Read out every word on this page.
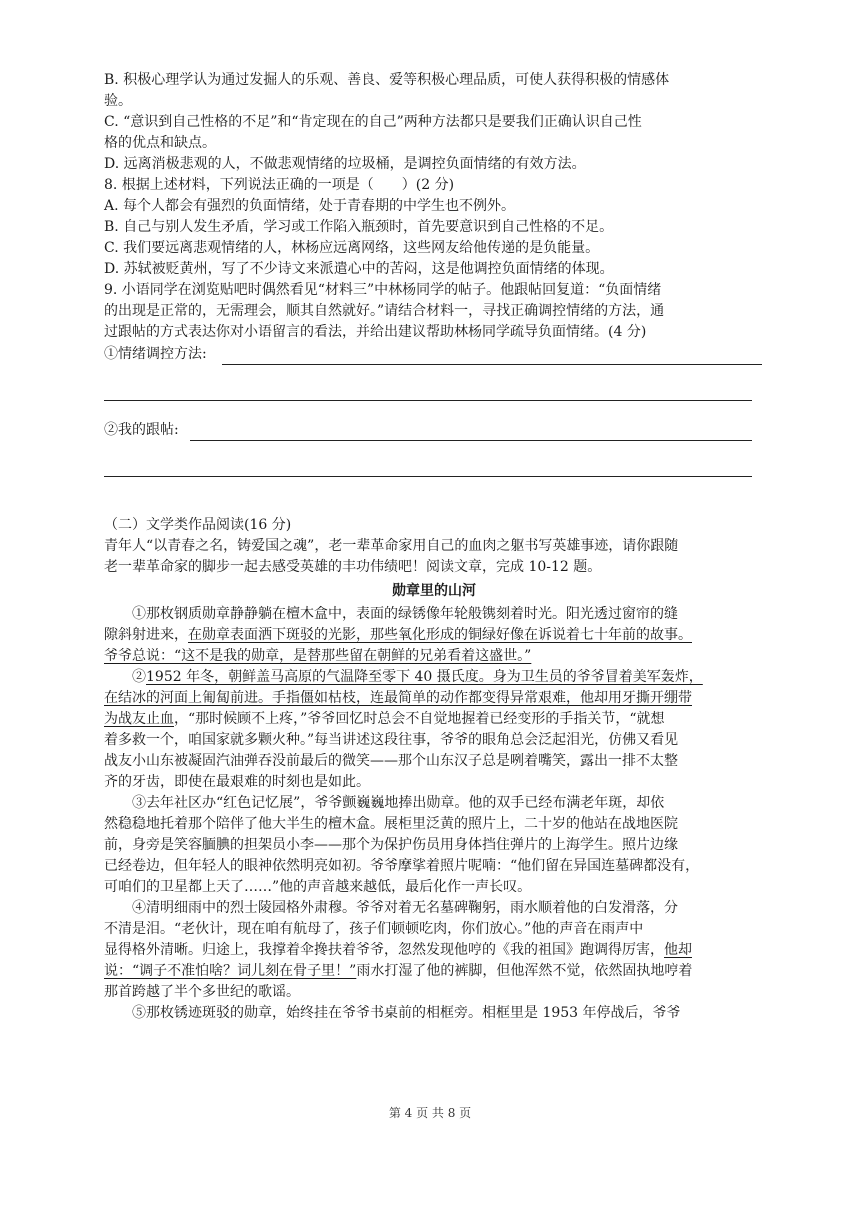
B. 积极心理学认为通过发掘人的乐观、善良、爱等积极心理品质，可使人获得积极的情感体
验。
C. “意识到自己性格的不足”和“肯定现在的自己”两种方法都只是要我们正确认识自己性
格的优点和缺点。
D. 远离消极悲观的人，不做悲观情绪的垃圾桶，是调控负面情绪的有效方法。
8. 根据上述材料，下列说法正确的一项是（　　）(2 分)
A. 每个人都会有强烈的负面情绪，处于青春期的中学生也不例外。
B. 自己与别人发生矛盾，学习或工作陷入瓶颈时，首先要意识到自己性格的不足。
C. 我们要远离悲观情绪的人，林杨应远离网络，这些网友给他传递的是负能量。
D. 苏轼被贬黄州，写了不少诗文来派遣心中的苦闷，这是他调控负面情绪的体现。
9. 小语同学在浏览贴吧时偶然看见“材料三”中林杨同学的帖子。他跟帖回复道：“负面情绪
的出现是正常的，无需理会，顺其自然就好。”请结合材料一，寻找正确调控情绪的方法，通
过跟帖的方式表达你对小语留言的看法，并给出建议帮助林杨同学疏导负面情绪。(4 分)
①情绪调控方法:
②我的跟帖:
（二）文学类作品阅读(16 分)
青年人“以青春之名，铸爱国之魂”，老一辈革命家用自己的血肉之躯书写英雄事迹，请你跟随
老一辈革命家的脚步一起去感受英雄的丰功伟绩吧！阅读文章，完成 10-12 题。
勋章里的山河
　　①那枚钢质勋章静静躺在檀木盒中，表面的绿锈像年轮般镌刻着时光。阳光透过窗帘的缝
隙斜射进来，在勋章表面洒下斑驳的光影，那些氧化形成的铜绿好像在诉说着七十年前的故事。
爷爷总说：“这不是我的勋章，是替那些留在朝鲜的兄弟看着这盛世。”
　　②1952 年冬，朝鲜盖马高原的气温降至零下 40 摄氏度。身为卫生员的爷爷冒着美军轰炸，
在结冰的河面上匍匐前进。手指僵如枯枝，连最简单的动作都变得异常艰难，他却用牙撕开绷带
为战友止血，“那时候顾不上疼，”爷爷回忆时总会不自觉地握着已经变形的手指关节，“就想
着多救一个，咱国家就多颗火种。”每当讲述这段往事，爷爷的眼角总会泛起泪光，仿佛又看见
战友小山东被凝固汽油弹吞没前最后的微笑——那个山东汉子总是咧着嘴笑，露出一排不太整
齐的牙齿，即使在最艰难的时刻也是如此。
　　③去年社区办“红色记忆展”，爷爷颤巍巍地捧出勋章。他的双手已经布满老年斑，却依
然稳稳地托着那个陪伴了他大半生的檀木盒。展柜里泛黄的照片上，二十岁的他站在战地医院
前，身旁是笑容腼腆的担架员小李——那个为保护伤员用身体挡住弹片的上海学生。照片边缘
已经卷边，但年轻人的眼神依然明亮如初。爷爷摩挲着照片呢喃：“他们留在异国连墓碑都没有，
可咱们的卫星都上天了……”他的声音越来越低，最后化作一声长叹。
　　④清明细雨中的烈士陵园格外肃穆。爷爷对着无名墓碑鞠躬，雨水顺着他的白发滑落，分
不清是泪。“老伙计，现在咱有航母了，孩子们顿顿吃肉，你们放心。”他的声音在雨声中
显得格外清晰。归途上，我撑着伞搀扶着爷爷，忽然发现他哼的《我的祖国》跑调得厉害，他却
说：“调子不准怕啥？词儿刻在骨子里！”雨水打湿了他的裤脚，但他浑然不觉，依然固执地哼着
那首跨越了半个多世纪的歌谣。
　　⑤那枚锈迹斑驳的勋章，始终挂在爷爷书桌前的相框旁。相框里是 1953 年停战后，爷爷
第 4 页 共 8 页
